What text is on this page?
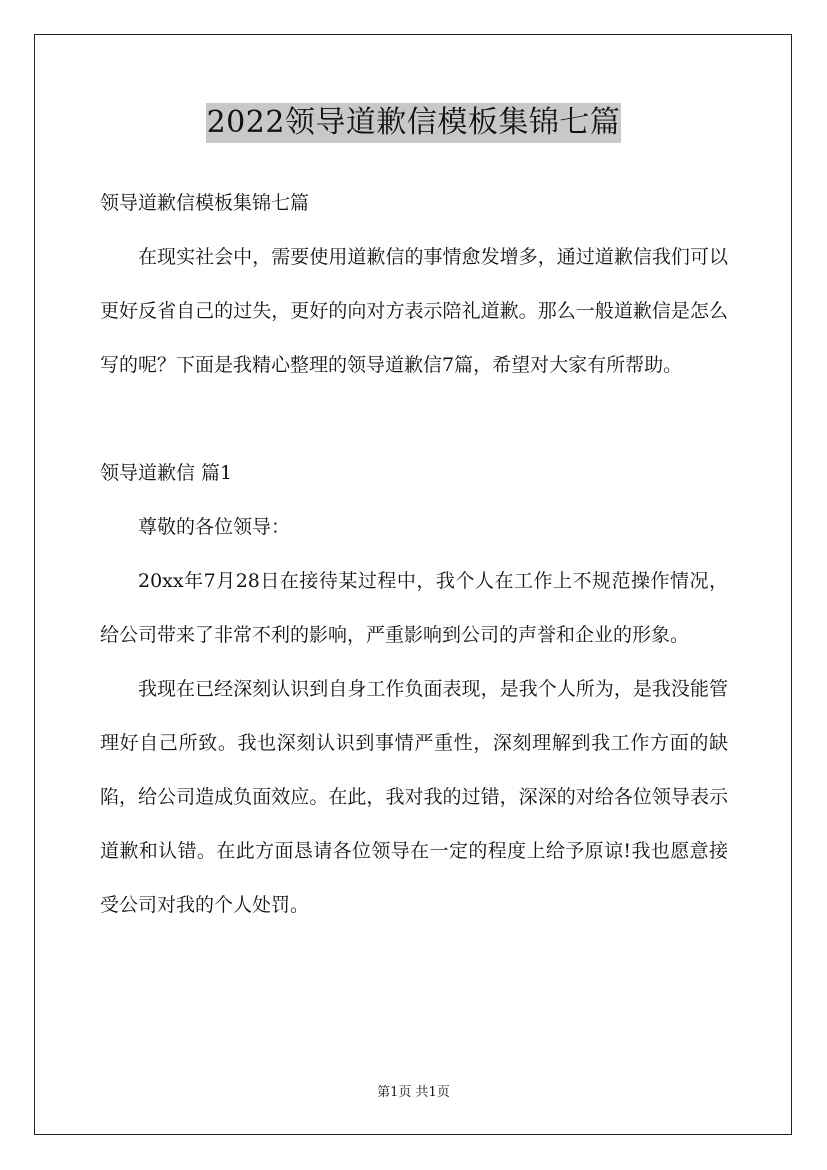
2022领导道歉信模板集锦七篇

领导道歉信模板集锦七篇

在现实社会中，需要使用道歉信的事情愈发增多，通过道歉信我们可以更好反省自己的过失，更好的向对方表示陪礼道歉。那么一般道歉信是怎么写的呢？下面是我精心整理的领导道歉信7篇，希望对大家有所帮助。

领导道歉信 篇1

尊敬的各位领导：

20xx年7月28日在接待某过程中，我个人在工作上不规范操作情况，给公司带来了非常不利的影响，严重影响到公司的声誉和企业的形象。

我现在已经深刻认识到自身工作负面表现，是我个人所为，是我没能管理好自己所致。我也深刻认识到事情严重性，深刻理解到我工作方面的缺陷，给公司造成负面效应。在此，我对我的过错，深深的对给各位领导表示道歉和认错。在此方面恳请各位领导在一定的程度上给予原谅!我也愿意接受公司对我的个人处罚。

第1页 共1页
